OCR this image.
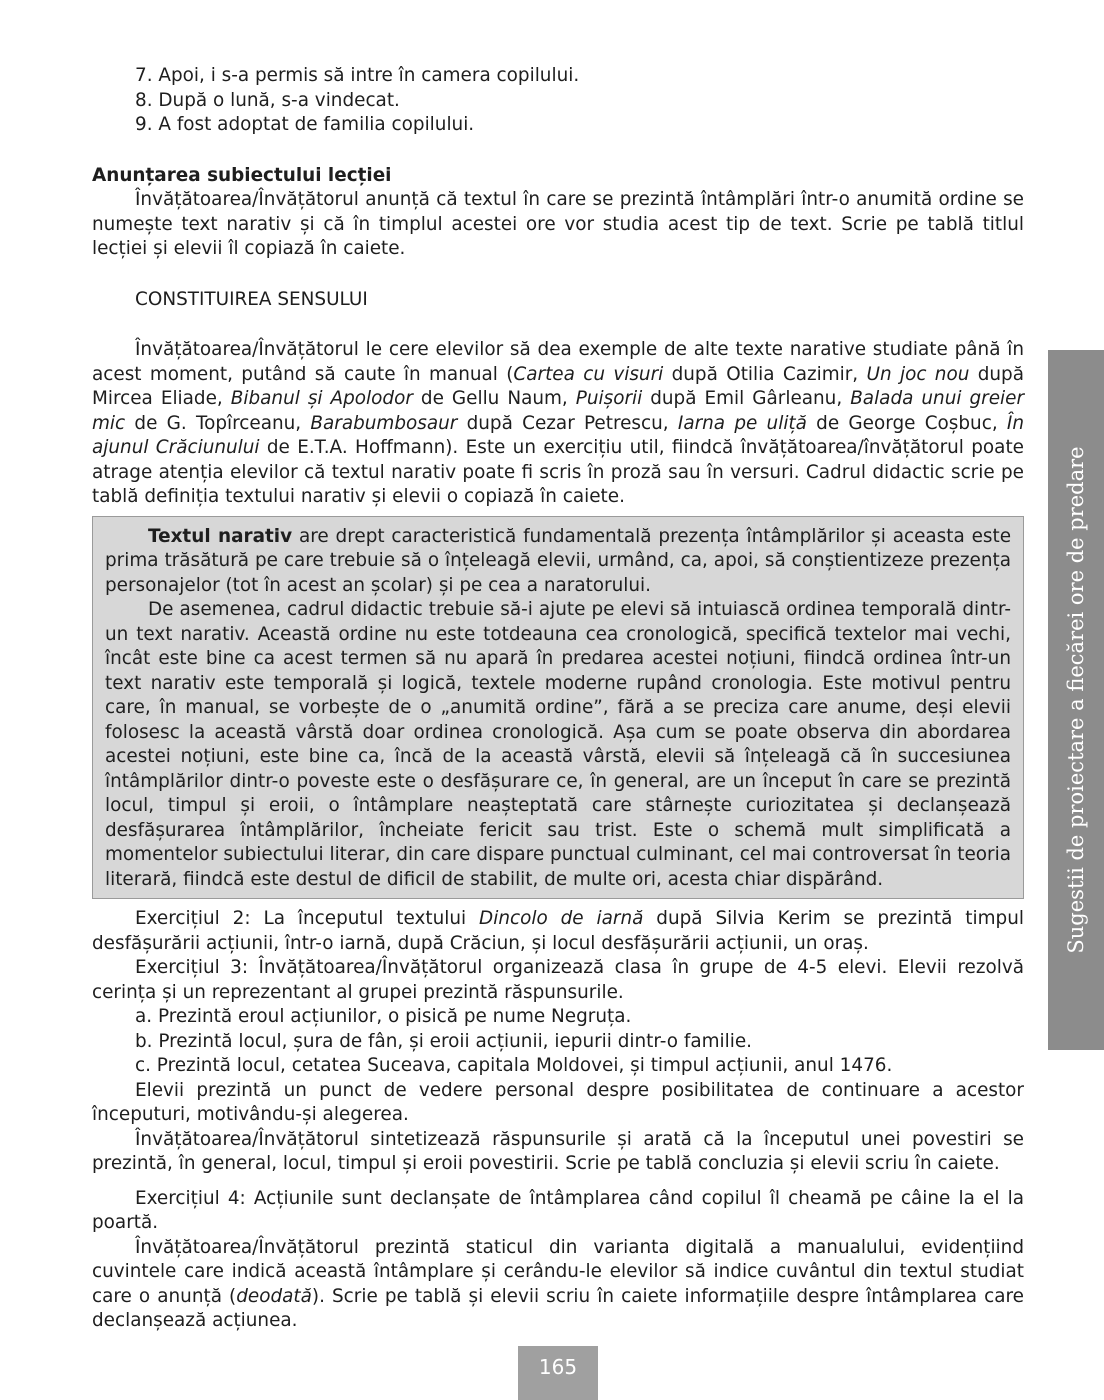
7. Apoi, i s-a permis să intre în camera copilului.

8. După o lună, s-a vindecat.

9. A fost adoptat de familia copilului.

Anunțarea subiectului lecției

Învățătoarea/Învățătorul anunță că textul în care se prezintă întâmplări într-o anumită ordine se numește text narativ și că în timplul acestei ore vor studia acest tip de text. Scrie pe tablă titlul lecției și elevii îl copiază în caiete.

CONSTITUIREA SENSULUI

Învățătoarea/Învățătorul le cere elevilor să dea exemple de alte texte narative studiate până în acest moment, putând să caute în manual (Cartea cu visuri după Otilia Cazimir, Un joc nou după Mircea Eliade, Bibanul și Apolodor de Gellu Naum, Puișorii după Emil Gârleanu, Balada unui greier mic de G. Topîrceanu, Barabumbosaur după Cezar Petrescu, Iarna pe uliță de George Coșbuc, În ajunul Crăciunului de E.T.A. Hoffmann). Este un exercițiu util, fiindcă învățătoarea/învățătorul poate atrage atenția elevilor că textul narativ poate fi scris în proză sau în versuri. Cadrul didactic scrie pe tablă definiția textului narativ și elevii o copiază în caiete.

Textul narativ are drept caracteristică fundamentală prezența întâmplărilor și aceasta este prima trăsătură pe care trebuie să o înțeleagă elevii, urmând, ca, apoi, să conștientizeze prezența personajelor (tot în acest an școlar) și pe cea a naratorului.

De asemenea, cadrul didactic trebuie să-i ajute pe elevi să intuiască ordinea temporală dintr-un text narativ. Această ordine nu este totdeauna cea cronologică, specifică textelor mai vechi, încât este bine ca acest termen să nu apară în predarea acestei noțiuni, fiindcă ordinea într-un text narativ este temporală și logică, textele moderne rupând cronologia. Este motivul pentru care, în manual, se vorbește de o „anumită ordine”, fără a se preciza care anume, deși elevii folosesc la această vârstă doar ordinea cronologică. Așa cum se poate observa din abordarea acestei noțiuni, este bine ca, încă de la această vârstă, elevii să înțeleagă că în succesiunea întâmplărilor dintr-o poveste este o desfășurare ce, în general, are un început în care se prezintă locul, timpul și eroii, o întâmplare neașteptată care stârnește curiozitatea și declanșează desfășurarea întâmplărilor, încheiate fericit sau trist. Este o schemă mult simplificată a momentelor subiectului literar, din care dispare punctual culminant, cel mai controversat în teoria literară, fiindcă este destul de dificil de stabilit, de multe ori, acesta chiar dispărând.

Exercițiul 2: La începutul textului Dincolo de iarnă după Silvia Kerim se prezintă timpul desfășurării acțiunii, într-o iarnă, după Crăciun, și locul desfășurării acțiunii, un oraș.

Exercițiul 3: Învățătoarea/Învățătorul organizează clasa în grupe de 4-5 elevi. Elevii rezolvă cerința și un reprezentant al grupei prezintă răspunsurile.

a. Prezintă eroul acțiunilor, o pisică pe nume Negruța.

b. Prezintă locul, șura de fân, și eroii acțiunii, iepurii dintr-o familie.

c. Prezintă locul, cetatea Suceava, capitala Moldovei, și timpul acțiunii, anul 1476.

Elevii prezintă un punct de vedere personal despre posibilitatea de continuare a acestor începuturi, motivându-și alegerea.

Învățătoarea/Învățătorul sintetizează răspunsurile și arată că la începutul unei povestiri se prezintă, în general, locul, timpul și eroii povestirii. Scrie pe tablă concluzia și elevii scriu în caiete.

Exercițiul 4: Acțiunile sunt declanșate de întâmplarea când copilul îl cheamă pe câine la el la poartă.

Învățătoarea/Învățătorul prezintă staticul din varianta digitală a manualului, evidențiind cuvintele care indică această întâmplare și cerându-le elevilor să indice cuvântul din textul studiat care o anunță (deodată). Scrie pe tablă și elevii scriu în caiete informațiile despre întâmplarea care declanșează acțiunea.

Sugestii de proiectare a fiecărei ore de predare
165
